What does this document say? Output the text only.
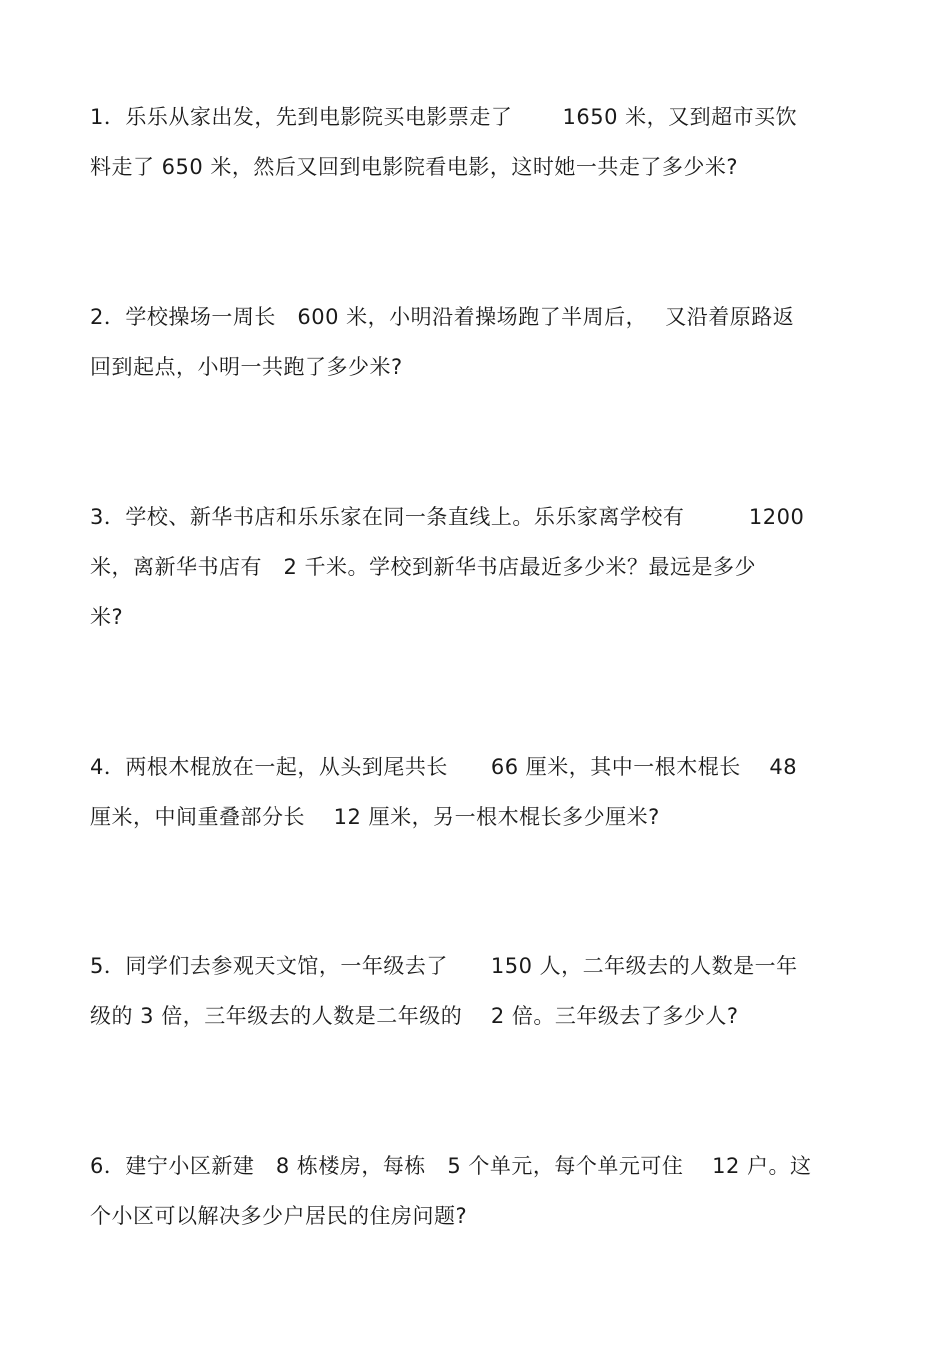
1．乐乐从家出发，先到电影院买电影票走了　　 1650 米，又到超市买饮
料走了 650 米，然后又回到电影院看电影，这时她一共走了多少米?
2．学校操场一周长　600 米，小明沿着操场跑了半周后，　 又沿着原路返
回到起点，小明一共跑了多少米?
3．学校、新华书店和乐乐家在同一条直线上。乐乐家离学校有　　　1200
米，离新华书店有　2 千米。学校到新华书店最近多少米？最远是多少
米?
4．两根木棍放在一起，从头到尾共长　　66 厘米，其中一根木棍长　 48
厘米，中间重叠部分长　 12 厘米，另一根木棍长多少厘米?
5．同学们去参观天文馆，一年级去了　　150 人，二年级去的人数是一年
级的 3 倍，三年级去的人数是二年级的　 2 倍。三年级去了多少人?
6．建宁小区新建　8 栋楼房，每栋　5 个单元，每个单元可住　 12 户。这
个小区可以解决多少户居民的住房问题?
